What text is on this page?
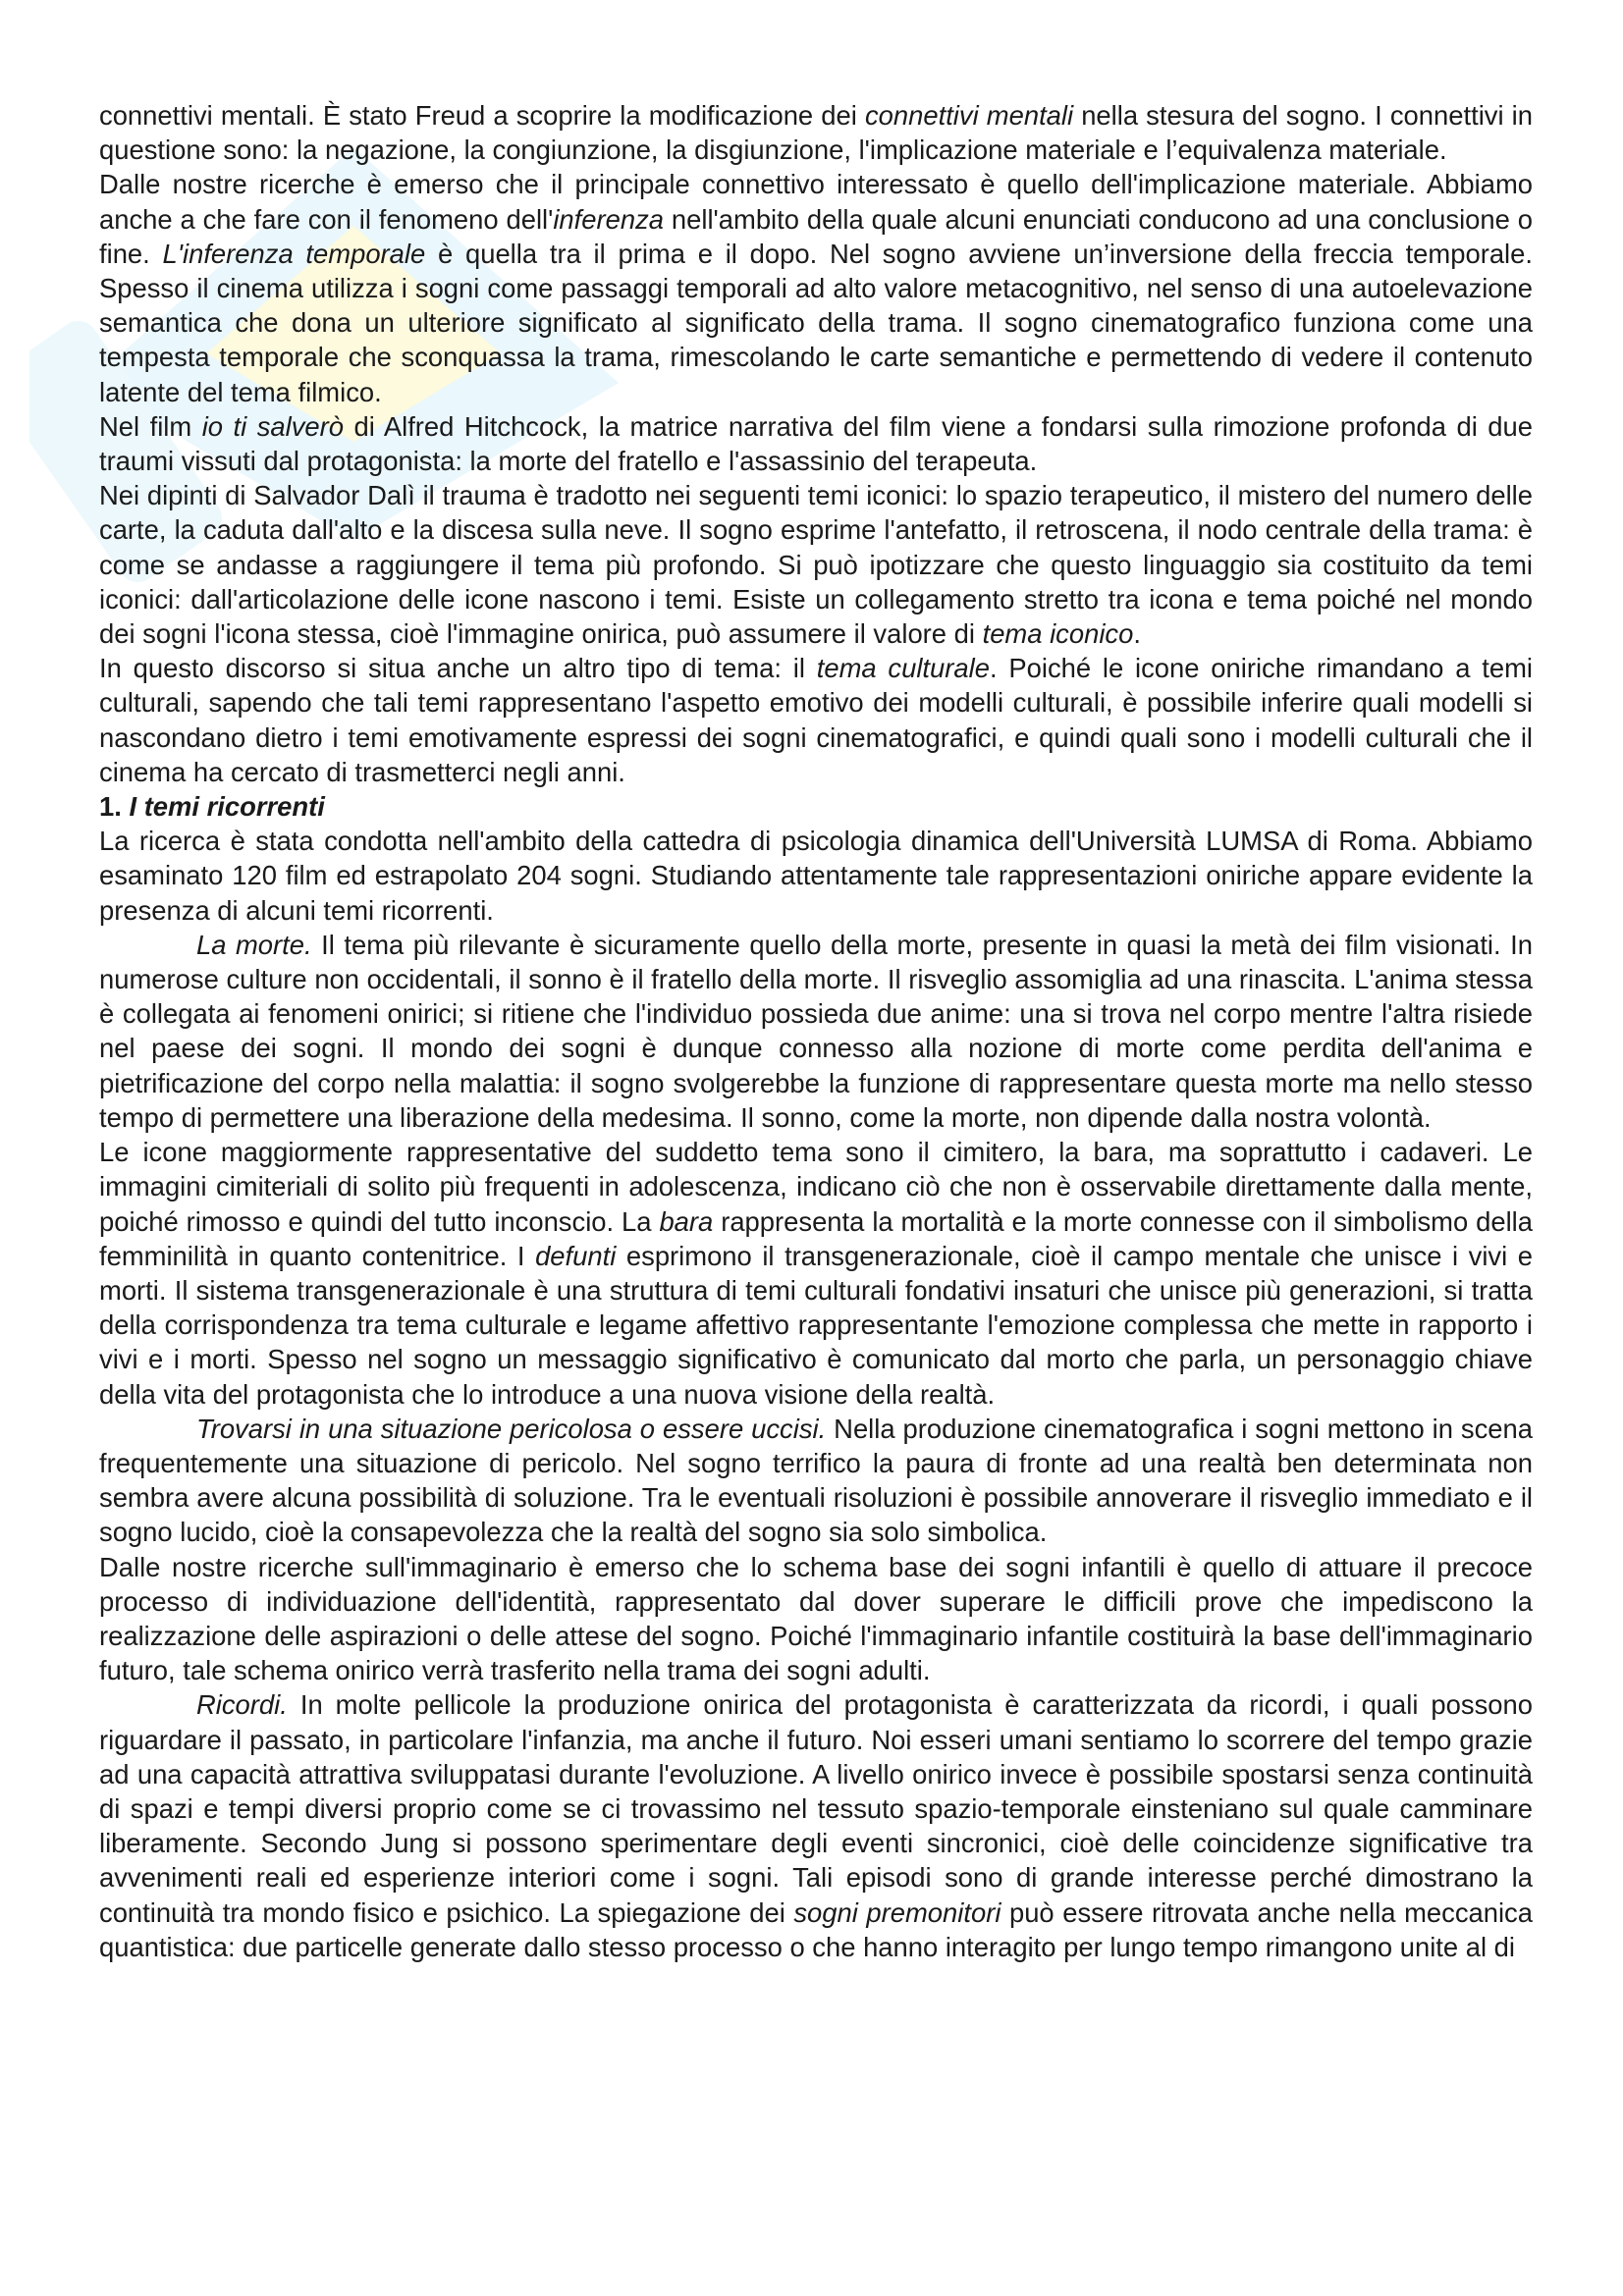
connettivi mentali. È stato Freud a scoprire la modificazione dei connettivi mentali nella stesura del sogno. I connettivi in questione sono: la negazione, la congiunzione, la disgiunzione, l'implicazione materiale e l’equivalenza materiale.

Dalle nostre ricerche è emerso che il principale connettivo interessato è quello dell'implicazione materiale. Abbiamo anche a che fare con il fenomeno dell'inferenza nell'ambito della quale alcuni enunciati conducono ad una conclusione o fine. L'inferenza temporale è quella tra il prima e il dopo. Nel sogno avviene un’inversione della freccia temporale. Spesso il cinema utilizza i sogni come passaggi temporali ad alto valore metacognitivo, nel senso di una autoelevazione semantica che dona un ulteriore significato al significato della trama. Il sogno cinematografico funziona come una tempesta temporale che sconquassa la trama, rimescolando le carte semantiche e permettendo di vedere il contenuto latente del tema filmico.

Nel film io ti salverò di Alfred Hitchcock, la matrice narrativa del film viene a fondarsi sulla rimozione profonda di due traumi vissuti dal protagonista: la morte del fratello e l'assassinio del terapeuta.

Nei dipinti di Salvador Dalì il trauma è tradotto nei seguenti temi iconici: lo spazio terapeutico, il mistero del numero delle carte, la caduta dall'alto e la discesa sulla neve. Il sogno esprime l'antefatto, il retroscena, il nodo centrale della trama: è come se andasse a raggiungere il tema più profondo. Si può ipotizzare che questo linguaggio sia costituito da temi iconici: dall'articolazione delle icone nascono i temi. Esiste un collegamento stretto tra icona e tema poiché nel mondo dei sogni l'icona stessa, cioè l'immagine onirica, può assumere il valore di tema iconico.

In questo discorso si situa anche un altro tipo di tema: il tema culturale. Poiché le icone oniriche rimandano a temi culturali, sapendo che tali temi rappresentano l'aspetto emotivo dei modelli culturali, è possibile inferire quali modelli si nascondano dietro i temi emotivamente espressi dei sogni cinematografici, e quindi quali sono i modelli culturali che il cinema ha cercato di trasmetterci negli anni.

1. I temi ricorrenti

La ricerca è stata condotta nell'ambito della cattedra di psicologia dinamica dell'Università LUMSA di Roma. Abbiamo esaminato 120 film ed estrapolato 204 sogni. Studiando attentamente tale rappresentazioni oniriche appare evidente la presenza di alcuni temi ricorrenti.

La morte. Il tema più rilevante è sicuramente quello della morte, presente in quasi la metà dei film visionati. In numerose culture non occidentali, il sonno è il fratello della morte. Il risveglio assomiglia ad una rinascita. L'anima stessa è collegata ai fenomeni onirici; si ritiene che l'individuo possieda due anime: una si trova nel corpo mentre l'altra risiede nel paese dei sogni. Il mondo dei sogni è dunque connesso alla nozione di morte come perdita dell'anima e pietrificazione del corpo nella malattia: il sogno svolgerebbe la funzione di rappresentare questa morte ma nello stesso tempo di permettere una liberazione della medesima. Il sonno, come la morte, non dipende dalla nostra volontà.

Le icone maggiormente rappresentative del suddetto tema sono il cimitero, la bara, ma soprattutto i cadaveri. Le immagini cimiteriali di solito più frequenti in adolescenza, indicano ciò che non è osservabile direttamente dalla mente, poiché rimosso e quindi del tutto inconscio. La bara rappresenta la mortalità e la morte connesse con il simbolismo della femminilità in quanto contenitrice. I defunti esprimono il transgenerazionale, cioè il campo mentale che unisce i vivi e morti. Il sistema transgenerazionale è una struttura di temi culturali fondativi insaturi che unisce più generazioni, si tratta della corrispondenza tra tema culturale e legame affettivo rappresentante l'emozione complessa che mette in rapporto i vivi e i morti. Spesso nel sogno un messaggio significativo è comunicato dal morto che parla, un personaggio chiave della vita del protagonista che lo introduce a una nuova visione della realtà.

Trovarsi in una situazione pericolosa o essere uccisi. Nella produzione cinematografica i sogni mettono in scena frequentemente una situazione di pericolo. Nel sogno terrifico la paura di fronte ad una realtà ben determinata non sembra avere alcuna possibilità di soluzione. Tra le eventuali risoluzioni è possibile annoverare il risveglio immediato e il sogno lucido, cioè la consapevolezza che la realtà del sogno sia solo simbolica.

Dalle nostre ricerche sull'immaginario è emerso che lo schema base dei sogni infantili è quello di attuare il precoce processo di individuazione dell'identità, rappresentato dal dover superare le difficili prove che impediscono la realizzazione delle aspirazioni o delle attese del sogno. Poiché l'immaginario infantile costituirà la base dell'immaginario futuro, tale schema onirico verrà trasferito nella trama dei sogni adulti.

Ricordi. In molte pellicole la produzione onirica del protagonista è caratterizzata da ricordi, i quali possono riguardare il passato, in particolare l'infanzia, ma anche il futuro. Noi esseri umani sentiamo lo scorrere del tempo grazie ad una capacità attrattiva sviluppatasi durante l'evoluzione. A livello onirico invece è possibile spostarsi senza continuità di spazi e tempi diversi proprio come se ci trovassimo nel tessuto spazio-temporale einsteniano sul quale camminare liberamente. Secondo Jung si possono sperimentare degli eventi sincronici, cioè delle coincidenze significative tra avvenimenti reali ed esperienze interiori come i sogni. Tali episodi sono di grande interesse perché dimostrano la continuità tra mondo fisico e psichico. La spiegazione dei sogni premonitori può essere ritrovata anche nella meccanica quantistica: due particelle generate dallo stesso processo o che hanno interagito per lungo tempo rimangono unite al di
